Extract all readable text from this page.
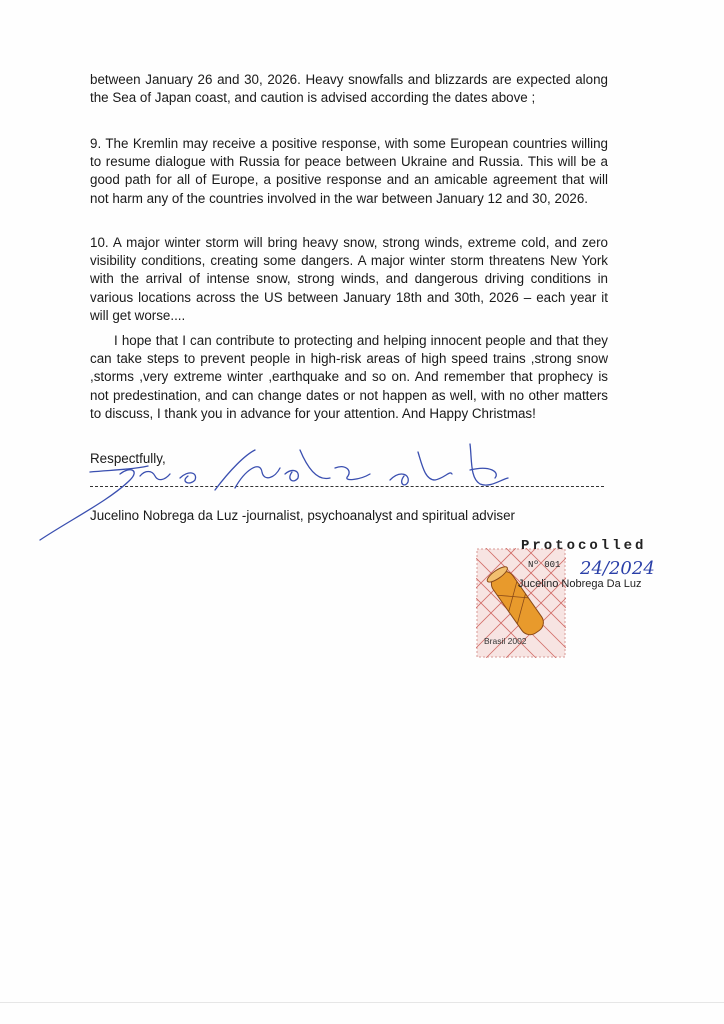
between January 26 and 30, 2026. Heavy snowfalls and blizzards are expected along the Sea of Japan coast, and caution is advised according the dates above ;
9. The Kremlin may receive a positive response, with some European countries willing to resume dialogue with Russia for peace between Ukraine and Russia. This will be a good path for all of Europe, a positive response and an amicable agreement that will not harm any of the countries involved in the war between January 12 and 30, 2026.
10. A major winter storm will bring heavy snow, strong winds, extreme cold, and zero visibility conditions, creating some dangers. A major winter storm threatens New York with the arrival of intense snow, strong winds, and dangerous driving conditions in various locations across the US between January 18th and 30th, 2026 – each year it will get worse....
I hope that I can contribute to protecting and helping innocent people and that they can take steps to prevent people in high-risk areas of high speed trains ,strong snow ,storms ,very extreme winter ,earthquake and so on. And remember that prophecy is not predestination, and can change dates or not happen as well, with no other matters to discuss, I thank you in advance for your attention. And Happy Christmas!
Respectfully,
Jucelino Nobrega da Luz -journalist, psychoanalyst and spiritual adviser
Protocolled
Nº 001 24/2024
Jucelino Nobrega Da Luz
Brasil 2002
